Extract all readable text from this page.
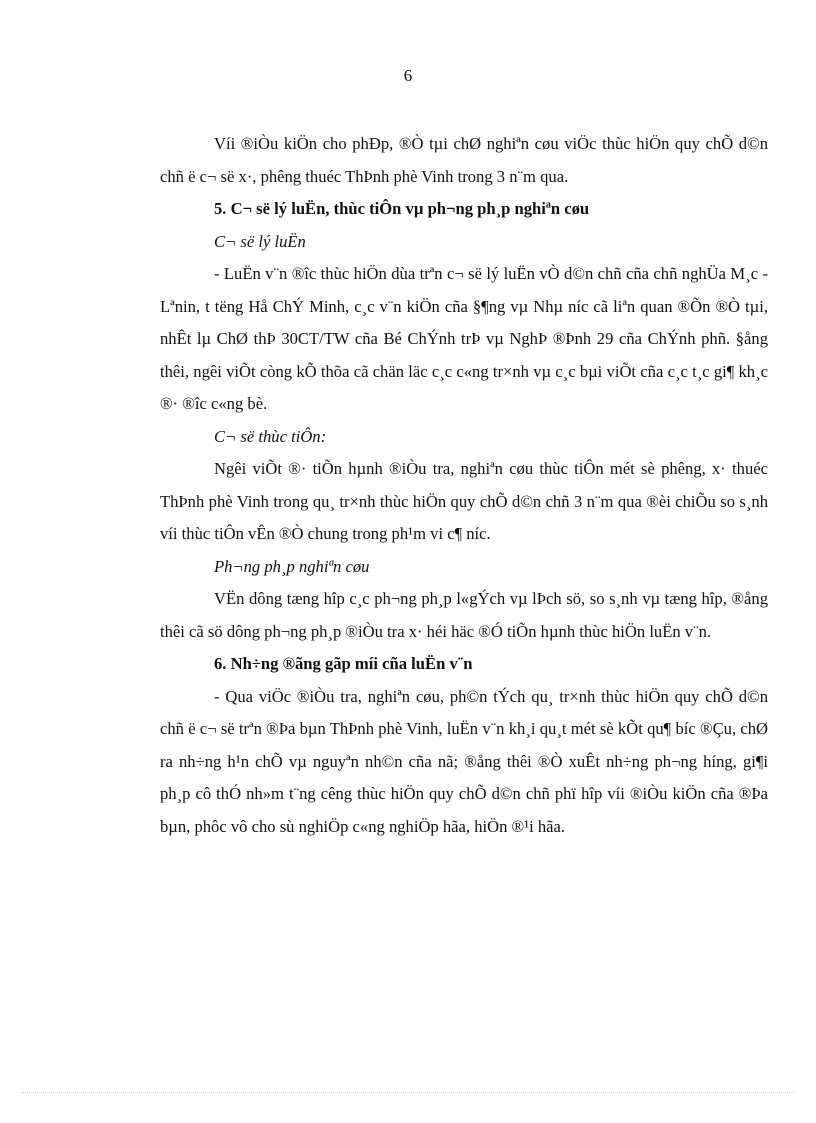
6

Víi ®iÒu kiÖn cho phÐp, ®Ò tµi chØ nghiªn cøu viÖc thùc hiÖn quy chÕ d©n chñ ë c¬ së x·, phêng thuéc ThÞnh phè Vinh trong 3 n¨m qua.

5. C¬ së lý luËn, thùc tiÔn vµ ph¬ng ph¸p nghiªn cøu

C¬ së lý luËn

- LuËn v¨n ®îc thùc hiÖn dùa trªn c¬ së lý luËn vÒ d©n chñ cña chñ nghÜa M¸c - Lªnin, t tëng Hå ChÝ Minh, c¸c v¨n kiÖn cña §¶ng vµ Nhµ níc cã liªn quan ®Õn ®Ò tµi, nhÊt lµ ChØ thÞ 30CT/TW cña Bé ChÝnh trÞ vµ NghÞ ®Þnh 29 cña ChÝnh phñ. §ång thêi, ngêi viÕt còng kÕ thõa cã chän läc c¸c c«ng tr×nh vµ c¸c bµi viÕt cña c¸c t¸c gi¶ kh¸c ®· ®îc c«ng bè.

C¬ së thùc tiÔn:

Ngêi viÕt ®· tiÕn hµnh ®iÒu tra, nghiªn cøu thùc tiÔn mét sè phêng, x· thuéc ThÞnh phè Vinh trong qu¸ tr×nh thùc hiÖn quy chÕ d©n chñ 3 n¨m qua ®èi chiÕu so s¸nh víi thùc tiÔn vÊn ®Ò chung trong ph¹m vi c¶ níc.

Ph¬ng ph¸p nghiªn cøu

VËn dông tæng hîp c¸c ph¬ng ph¸p l«gÝch vµ lÞch sö, so s¸nh vµ tæng hîp, ®ång thêi cã sö dông ph¬ng ph¸p ®iÒu tra x· héi häc ®Ó tiÕn hµnh thùc hiÖn luËn v¨n.

6. Nh÷ng ®ãng gãp míi cña luËn v¨n

- Qua viÖc ®iÒu tra, nghiªn cøu, ph©n tÝch qu¸ tr×nh thùc hiÖn quy chÕ d©n chñ ë c¬ së trªn ®Þa bµn ThÞnh phè Vinh, luËn v¨n kh¸i qu¸t mét sè kÕt qu¶ bíc ®Çu, chØ ra nh÷ng h¹n chÕ vµ nguyªn nh©n cña nã; ®ång thêi ®Ò xuÊt nh÷ng ph¬ng híng, gi¶i ph¸p cô thÓ nh»m t¨ng cêng thùc hiÖn quy chÕ d©n chñ phï hîp víi ®iÒu kiÖn cña ®Þa bµn, phôc vô cho sù nghiÖp c«ng nghiÖp hãa, hiÖn ®¹i hãa.
